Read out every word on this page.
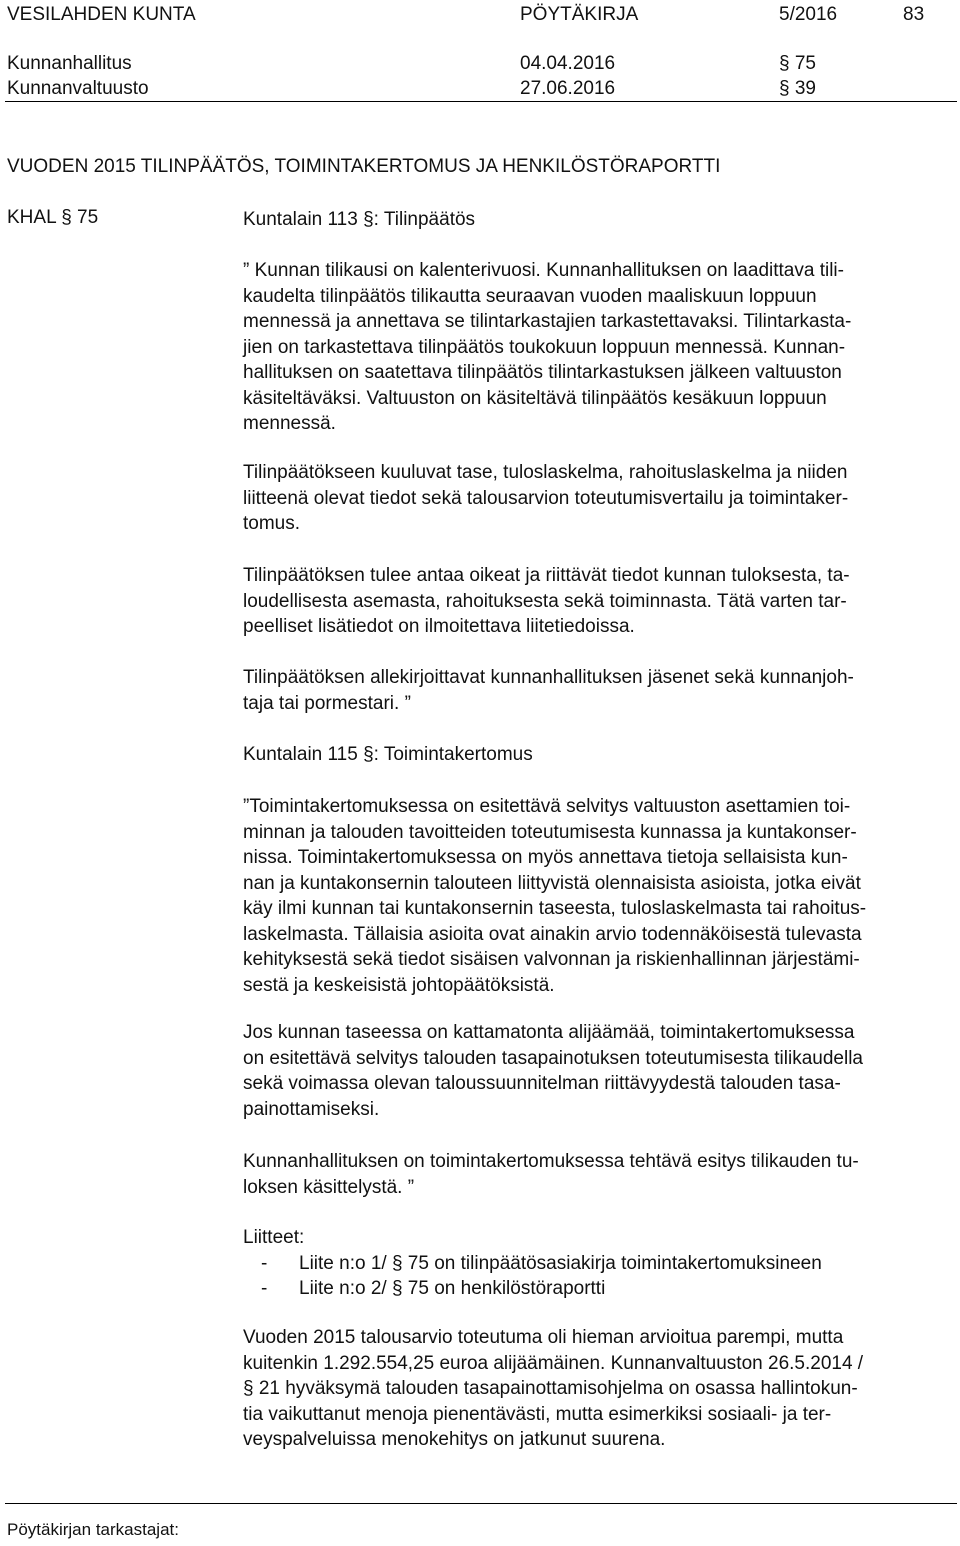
VESILAHDEN KUNTA	PÖYTÄKIRJA	5/2016	83
Kunnanhallitus	04.04.2016	§ 75
Kunnanvaltuusto	27.06.2016	§ 39
VUODEN 2015 TILINPÄÄTÖS, TOIMINTAKERTOMUS JA HENKILÖSTÖRAPORTTI
KHAL § 75	Kuntalain 113 §: Tilinpäätös
” Kunnan tilikausi on kalenterivuosi. Kunnanhallituksen on laadittava tili-
kaudelta tilinpäätös tilikautta seuraavan vuoden maaliskuun loppuun
mennessä ja annettava se tilintarkastajien tarkastettavaksi. Tilintarkasta-
jien on tarkastettava tilinpäätös toukokuun loppuun mennessä. Kunnan-
hallituksen on saatettava tilinpäätös tilintarkastuksen jälkeen valtuuston
käsiteltäväksi. Valtuuston on käsiteltävä tilinpäätös kesäkuun loppuun
mennessä.
Tilinpäätökseen kuuluvat tase, tuloslaskelma, rahoituslaskelma ja niiden
liitteenä olevat tiedot sekä talousarvion toteutumisvertailu ja toimintaker-
tomus.
Tilinpäätöksen tulee antaa oikeat ja riittävät tiedot kunnan tuloksesta, ta-
loudellisesta asemasta, rahoituksesta sekä toiminnasta. Tätä varten tar-
peelliset lisätiedot on ilmoitettava liitetiedoissa.
Tilinpäätöksen allekirjoittavat kunnanhallituksen jäsenet sekä kunnanjoh-
taja tai pormestari. ”
Kuntalain 115 §: Toimintakertomus
”Toimintakertomuksessa on esitettävä selvitys valtuuston asettamien toi-
minnan ja talouden tavoitteiden toteutumisesta kunnassa ja kuntakonser-
nissa. Toimintakertomuksessa on myös annettava tietoja sellaisista kun-
nan ja kuntakonsernin talouteen liittyvistä olennaisista asioista, jotka eivät
käy ilmi kunnan tai kuntakonsernin taseesta, tuloslaskelmasta tai rahoitus-
laskelmasta. Tällaisia asioita ovat ainakin arvio todennäköisestä tulevasta
kehityksestä sekä tiedot sisäisen valvonnan ja riskienhallinnan järjestämi-
sestä ja keskeisistä johtopäätöksistä.
Jos kunnan taseessa on kattamatonta alijäämää, toimintakertomuksessa
on esitettävä selvitys talouden tasapainotuksen toteutumisesta tilikaudella
sekä voimassa olevan taloussuunnitelman riittävyydestä talouden tasa-
painottamiseksi.
Kunnanhallituksen on toimintakertomuksessa tehtävä esitys tilikauden tu-
loksen käsittelystä. ”
Liitteet:
- Liite n:o 1/ § 75 on tilinpäätösasiakirja toimintakertomuksineen
- Liite n:o 2/ § 75 on henkilöstöraportti
Vuoden 2015 talousarvio toteutuma oli hieman arvioitua parempi, mutta
kuitenkin 1.292.554,25 euroa alijäämäinen. Kunnanvaltuuston 26.5.2014 /
§ 21 hyväksymä talouden tasapainottamisohjelma on osassa hallintokun-
tia vaikuttanut menoja pienentävästi, mutta esimerkiksi sosiaali- ja ter-
veyspalveluissa menokehitys on jatkunut suurena.
Pöytäkirjan tarkastajat:
